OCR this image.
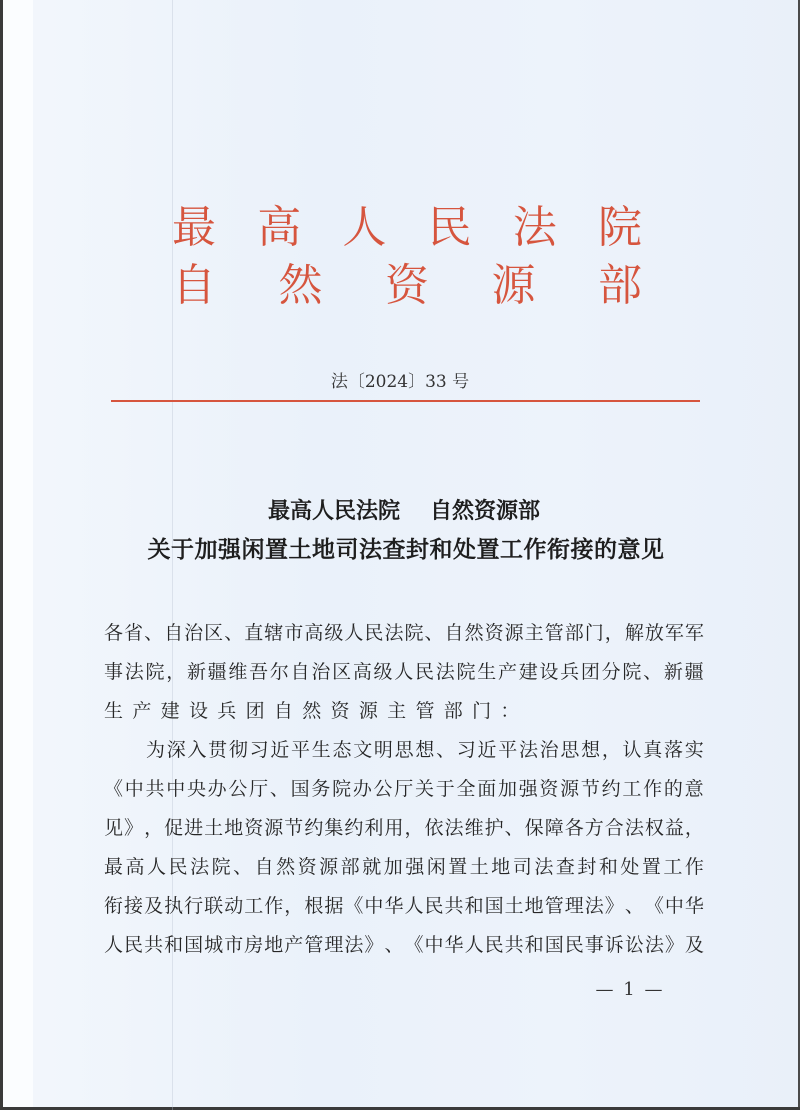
最 高 人 民 法 院
自 然 资 源 部
法〔2024〕33 号
最高人民法院 自然资源部
关于加强闲置土地司法查封和处置工作衔接的意见
各 省 、 自 治 区 、 直 辖 市 高 级 人 民 法 院 、 自 然 资 源 主 管 部 门 ， 解 放 军 军
事 法 院 ， 新 疆 维 吾 尔 自 治 区 高 级 人 民 法 院 生 产 建 设 兵 团 分 院 、 新 疆
生 产 建 设 兵 团 自 然 资 源 主 管 部 门 ：
为 深 入 贯 彻 习 近 平 生 态 文 明 思 想 、 习 近 平 法 治 思 想 ， 认 真 落 实
《 中 共 中 央 办 公 厅 、 国 务 院 办 公 厅 关 于 全 面 加 强 资 源 节 约 工 作 的 意
见 》 ， 促 进 土 地 资 源 节 约 集 约 利 用 ， 依 法 维 护 、 保 障 各 方 合 法 权 益 ，
最 高 人 民 法 院 、 自 然 资 源 部 就 加 强 闲 置 土 地 司 法 查 封 和 处 置 工 作
衔 接 及 执 行 联 动 工 作 ， 根 据 《 中 华 人 民 共 和 国 土 地 管 理 法 》 、 《 中 华
人 民 共 和 国 城 市 房 地 产 管 理 法 》 、 《 中 华 人 民 共 和 国 民 事 诉 讼 法 》 及
— 1 —
